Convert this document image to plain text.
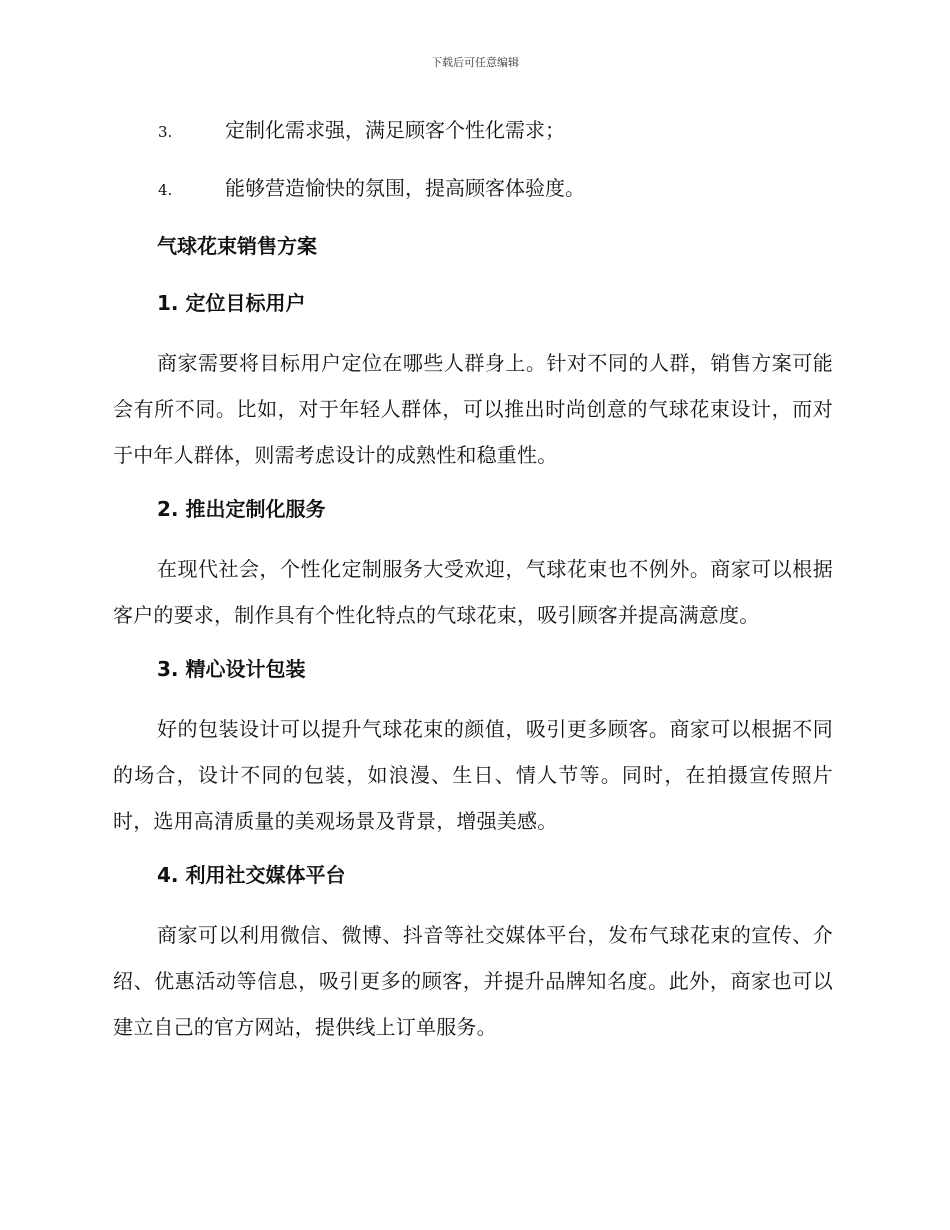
下载后可任意编辑
3.	定制化需求强，满足顾客个性化需求；
4.	能够营造愉快的氛围，提高顾客体验度。
气球花束销售方案
1. 定位目标用户

商家需要将目标用户定位在哪些人群身上。针对不同的人群，销售方案可能会有所不同。比如，对于年轻人群体，可以推出时尚创意的气球花束设计，而对于中年人群体，则需考虑设计的成熟性和稳重性。

2. 推出定制化服务

在现代社会，个性化定制服务大受欢迎，气球花束也不例外。商家可以根据客户的要求，制作具有个性化特点的气球花束，吸引顾客并提高满意度。

3. 精心设计包装

好的包装设计可以提升气球花束的颜值，吸引更多顾客。商家可以根据不同的场合，设计不同的包装，如浪漫、生日、情人节等。同时，在拍摄宣传照片时，选用高清质量的美观场景及背景，增强美感。

4. 利用社交媒体平台

商家可以利用微信、微博、抖音等社交媒体平台，发布气球花束的宣传、介绍、优惠活动等信息，吸引更多的顾客，并提升品牌知名度。此外，商家也可以建立自己的官方网站，提供线上订单服务。
